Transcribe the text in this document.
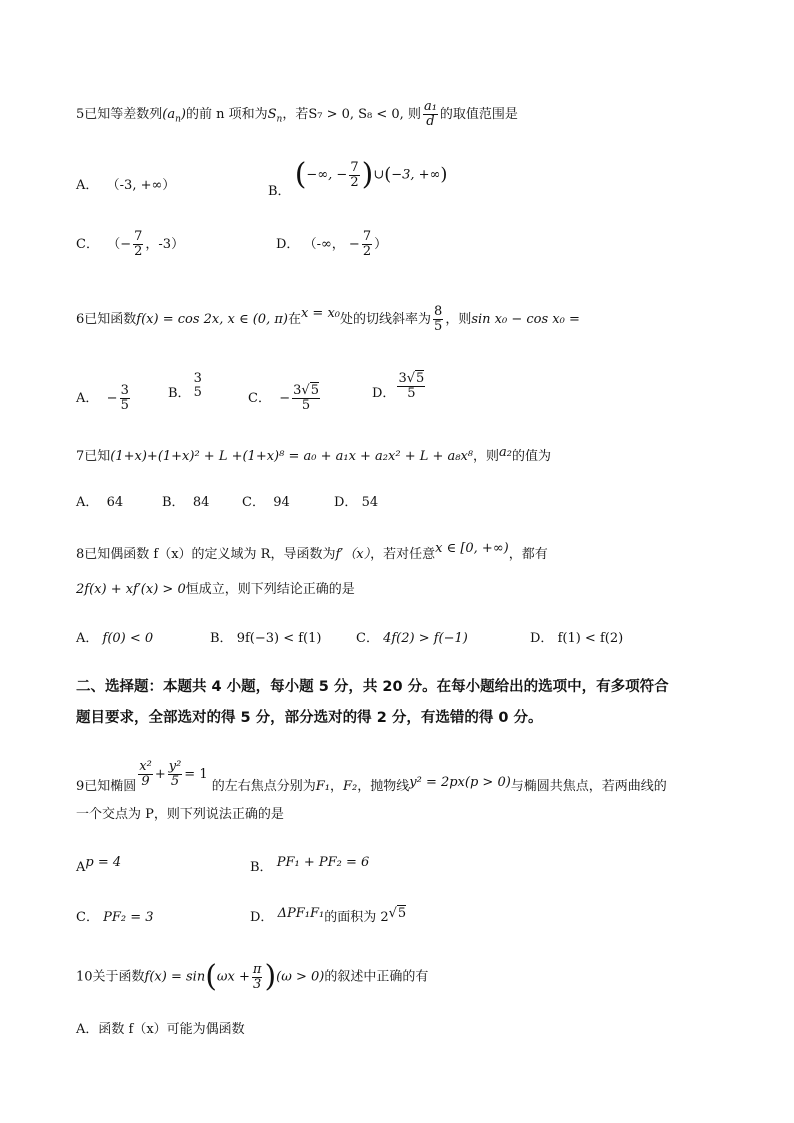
5已知等差数列$(a_n)$的前 n 项和为$S_n$，若S₇ > 0, S₈ < 0, 则 $\frac{\text{a₁}}{d}$ 的取值范围是
A． （-3, +∞）	B． (−∞, − $\frac{7}{2}$ )∪(−3, +∞)
C． （− $\frac{7}{2}$ ，-3）	D． （-∞， − $\frac{7}{2}$ ）
6已知函数f(x) = cos 2x, x ∈ (0, π)在x = x₀处的切线斜率为 $\frac{8}{5}$ ，则sin x₀ − cos x₀ =
A． − $\frac{3}{5}$	B．
3
5	C． − $\frac{3√5}{5}$	D． $\frac{3√5}{5}$
7已知(1+x)+(1+x)² + L +(1+x)⁸ = a₀ + a₁x + a₂x² + L + a₈x⁸，则a₂的值为
A． 64	B． 84	C． 94	D． 54
8已知偶函数 f（x）的定义域为 R，导函数为f′（x），若对任意x ∈ [0, +∞)，都有
2f(x) + xf′(x) > 0恒成立，则下列结论正确的是
A． f(0) < 0	B． 9f(−3) < f(1)	C． 4f(2) > f(−1)	D． f(1) < f(2)
二、选择题：本题共 4 小题，每小题 5 分，共 20 分。在每小题给出的选项中，有多项符合
题目要求，全部选对的得 5 分，部分选对的得 2 分，有选错的得 0 分。
9已知椭圆 $\frac{\text{x²}}{9} + \frac{\text{y²}}{5} = 1$ 的左右焦点分别为F₁，F₂，抛物线y² = 2px(p > 0)与椭圆共焦点，若两曲线的
一个交点为 P，则下列说法正确的是
Ap = 4	B． PF₁ + PF₂ = 6
C． PF₂ = 3	D． ΔPF₁F₁的面积为 2√5
10关于函数$f(x) = \sin(\omega x + \frac{\pi}{3} )(\omega > 0)$的叙述中正确的有
A．函数 f（x）可能为偶函数
